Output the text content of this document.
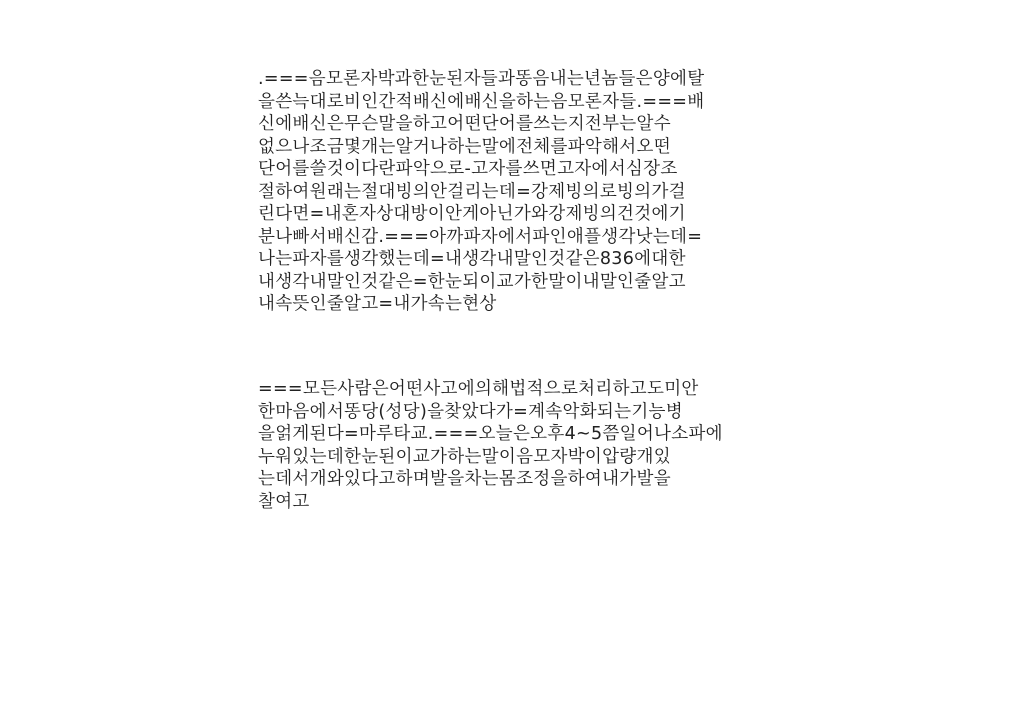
.===음모론자박과한눈된자들과똥음내는년놈들은양에탈
을쓴늑대로비인간적배신에배신을하는음모론자들.===배
신에배신은무슨말을하고어떤단어를쓰는지전부는알수
없으나조금몇개는알거나하는말에전체를파악해서오떤
단어를쓸것이다란파악으로-고자를쓰면고자에서심장조
절하여원래는절대빙의안걸리는데=강제빙의로빙의가걸
린다면=내혼자상대방이안게아닌가와강제빙의건것에기
분나빠서배신감.===아까파자에서파인애플생각낫는데=
나는파자를생각했는데=내생각내말인것같은836에대한
내생각내말인것같은=한눈되이교가한말이내말인줄알고
내속뜻인줄알고=내가속는현상
===모든사람은어떤사고에의해법적으로처리하고도미안
한마음에서똥당(성당)을찾았다가=계속악화되는기능병
을얽게된다=마루타교.===오늘은오후4~5쯤일어나소파에
누워있는데한눈된이교가하는말이음모자박이압량개있
는데서개와있다고하며발을차는몸조정을하여내가발을
찰여고
